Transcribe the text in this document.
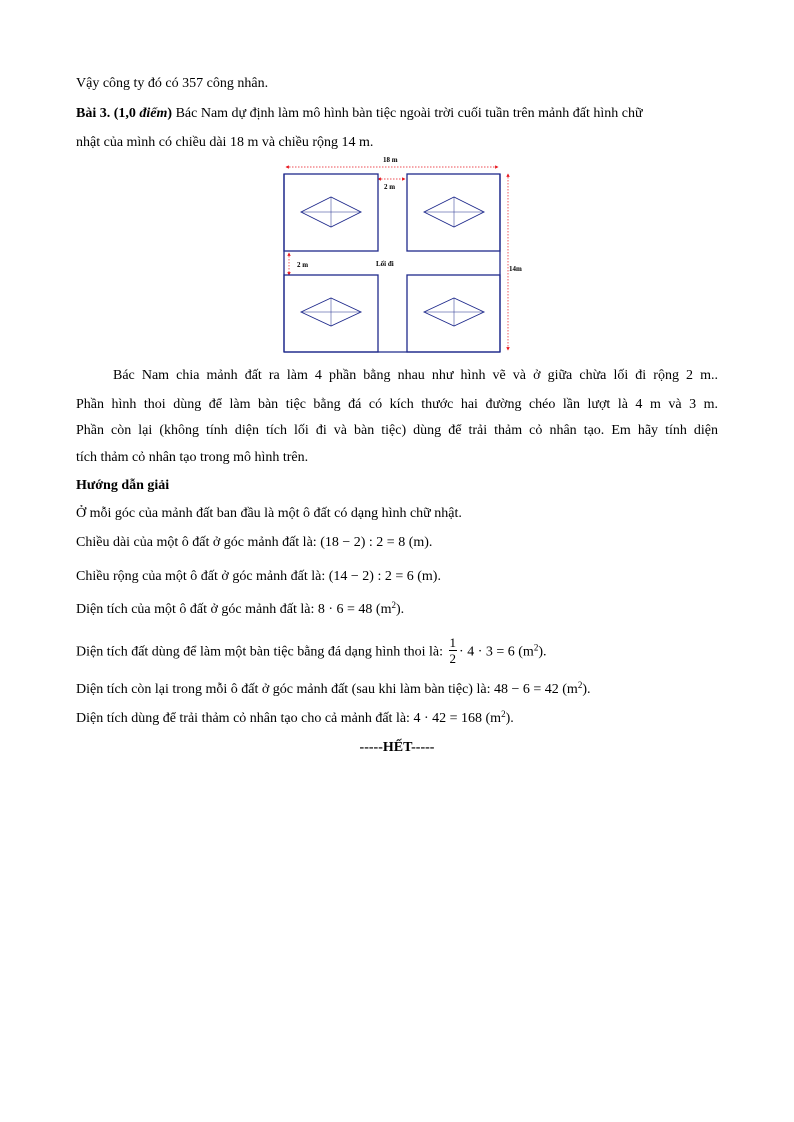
Vậy công ty đó có 357 công nhân.
Bài 3. (1,0 điểm) Bác Nam dự định làm mô hình bàn tiệc ngoài trời cuối tuần trên mảnh đất hình chữ
nhật của mình có chiều dài 18 m và chiều rộng 14 m.
18 m
14m
2 m
2 m	Lối đi
Bác Nam chia mảnh đất ra làm 4 phần bằng nhau như hình vẽ và ở giữa chừa lối đi rộng 2 m..
Phần hình thoi dùng để làm bàn tiệc bằng đá có kích thước hai đường chéo lần lượt là 4 m và 3 m.
Phần còn lại (không tính diện tích lối đi và bàn tiệc) dùng để trải thảm cỏ nhân tạo. Em hãy tính diện
tích thảm cỏ nhân tạo trong mô hình trên.
Hướng dẫn giải
Ở mỗi góc của mảnh đất ban đầu là một ô đất có dạng hình chữ nhật.
Chiều dài của một ô đất ở góc mảnh đất là: (18 − 2) : 2 = 8 (m).
Chiều rộng của một ô đất ở góc mảnh đất là: (14 − 2) : 2 = 6 (m).
Diện tích của một ô đất ở góc mảnh đất là: 8 · 6 = 48 $(m^2)$.
Diện tích đất dùng để làm một bàn tiệc bằng đá dạng hình thoi là: $\frac{1}{2} \cdot 4 \cdot 3 = 6$ $(m^2)$.
Diện tích còn lại trong mỗi ô đất ở góc mảnh đất (sau khi làm bàn tiệc) là: 48 − 6 = 42 $(m^2)$.
Diện tích dùng để trải thảm cỏ nhân tạo cho cả mảnh đất là: 4 · 42 = 168 $(m^2)$.
-----HẾT-----
